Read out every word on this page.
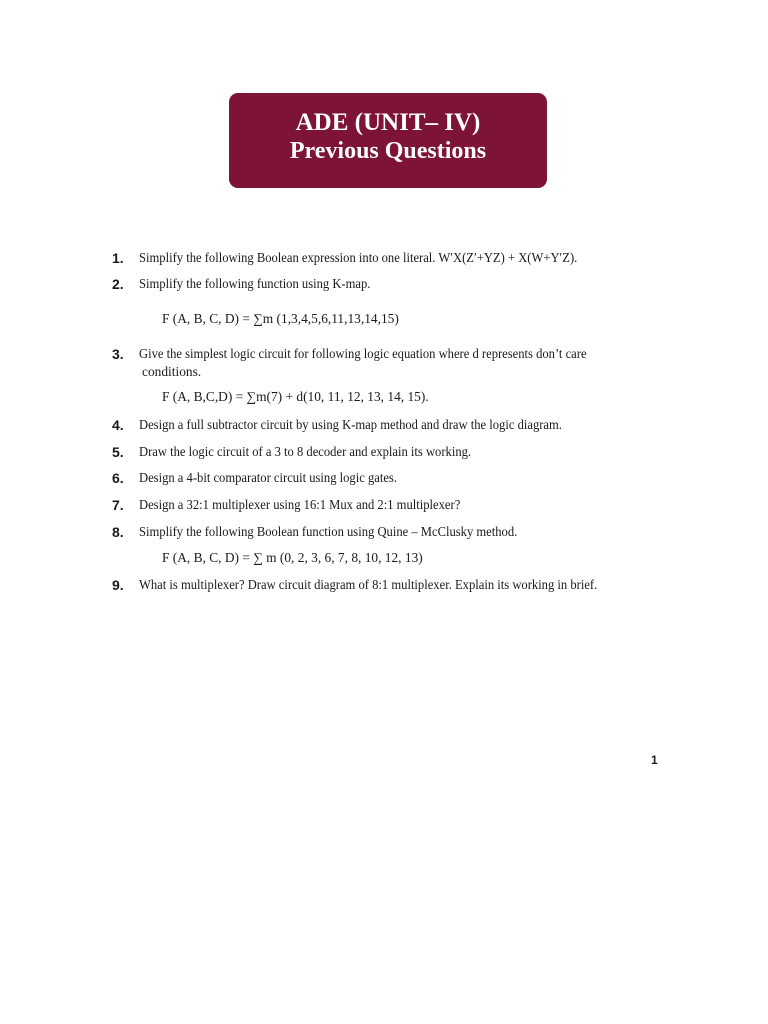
ADE (UNIT– IV)
Previous Questions
1. Simplify the following Boolean expression into one literal. W′X(Z′+YZ) + X(W+Y′Z).
2. Simplify the following function using K-map.
F (A, B, C, D) = ∑m (1,3,4,5,6,11,13,14,15)
3. Give the simplest logic circuit for following logic equation where d represents don’t care
conditions.
F (A, B,C,D) = ∑m(7) + d(10, 11, 12, 13, 14, 15).
4. Design a full subtractor circuit by using K-map method and draw the logic diagram.
5. Draw the logic circuit of a 3 to 8 decoder and explain its working.
6. Design a 4-bit comparator circuit using logic gates.
7. Design a 32:1 multiplexer using 16:1 Mux and 2:1 multiplexer?
8. Simplify the following Boolean function using Quine – McClusky method.
F (A, B, C, D) = ∑ m (0, 2, 3, 6, 7, 8, 10, 12, 13)
9. What is multiplexer? Draw circuit diagram of 8:1 multiplexer. Explain its working in brief.
1
